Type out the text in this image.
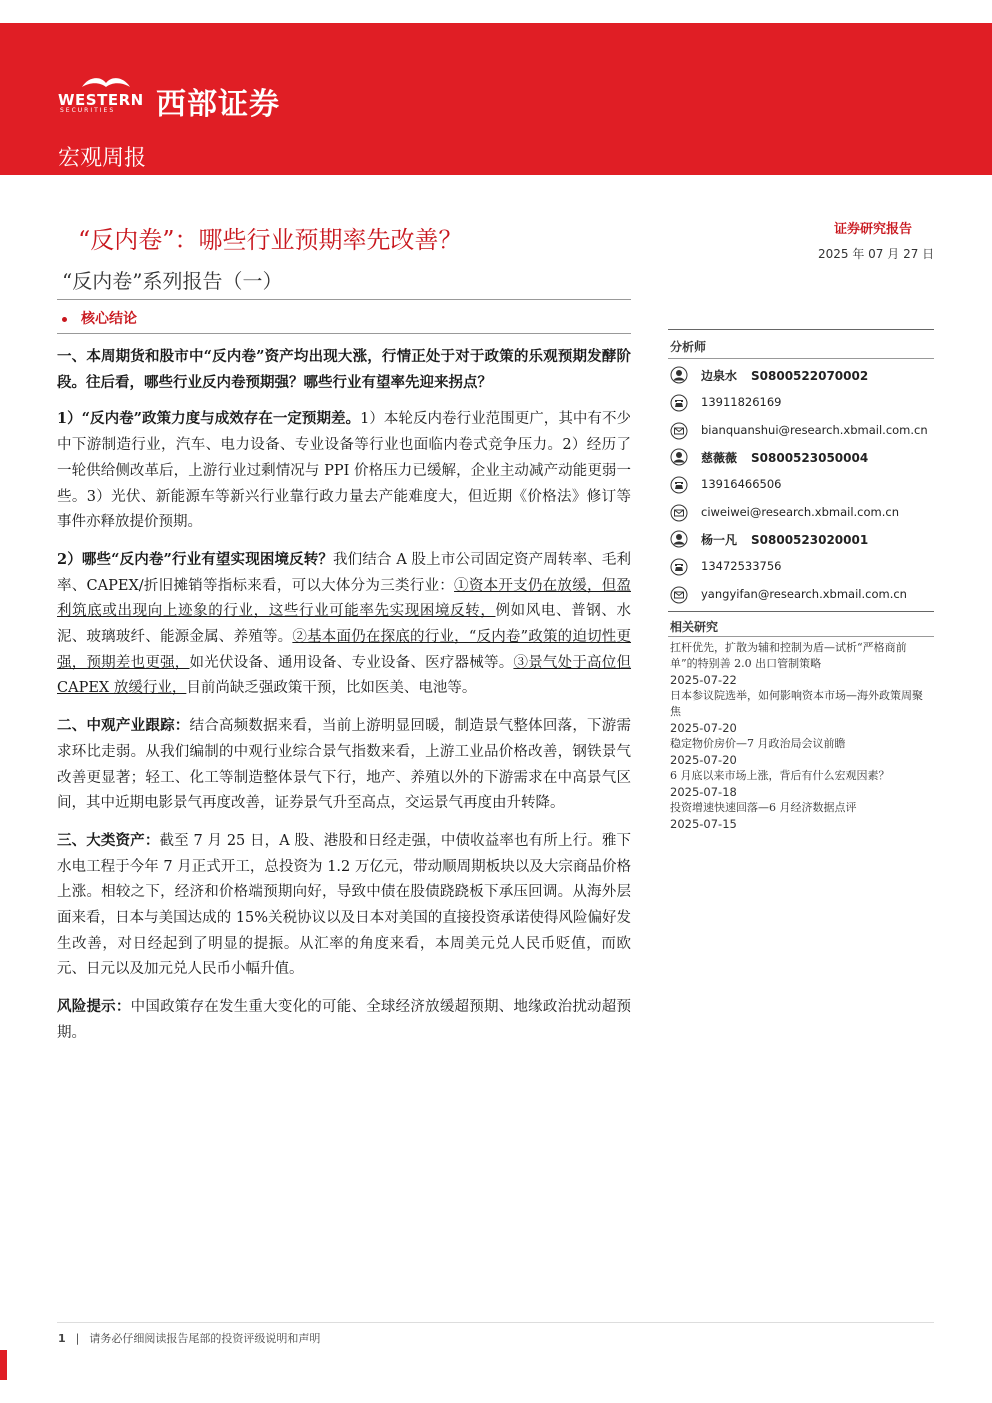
WESTERN
SECURITIES 西部证券
宏观周报
“反内卷”：哪些行业预期率先改善？
“反内卷”系列报告（一）
核心结论

一、本周期货和股市中“反内卷”资产均出现大涨，行情正处于对于政策的乐观预期发酵阶段。往后看，哪些行业反内卷预期强？哪些行业有望率先迎来拐点？

1）“反内卷”政策力度与成效存在一定预期差。1）本轮反内卷行业范围更广，其中有不少中下游制造行业，汽车、电力设备、专业设备等行业也面临内卷式竞争压力。2）经历了一轮供给侧改革后，上游行业过剩情况与 PPI 价格压力已缓解，企业主动减产动能更弱一些。3）光伏、新能源车等新兴行业靠行政力量去产能难度大，但近期《价格法》修订等事件亦释放提价预期。

2）哪些“反内卷”行业有望实现困境反转？我们结合 A 股上市公司固定资产周转率、毛利率、CAPEX/折旧摊销等指标来看，可以大体分为三类行业：①资本开支仍在放缓，但盈利筑底或出现向上迹象的行业，这些行业可能率先实现困境反转，例如风电、普钢、水泥、玻璃玻纤、能源金属、养殖等。②基本面仍在探底的行业，“反内卷”政策的迫切性更强，预期差也更强，如光伏设备、通用设备、专业设备、医疗器械等。③景气处于高位但 CAPEX 放缓行业，目前尚缺乏强政策干预，比如医美、电池等。

二、中观产业跟踪：结合高频数据来看，当前上游明显回暖，制造景气整体回落，下游需求环比走弱。从我们编制的中观行业综合景气指数来看，上游工业品价格改善，钢铁景气改善更显著；轻工、化工等制造整体景气下行，地产、养殖以外的下游需求在中高景气区间，其中近期电影景气再度改善，证券景气升至高点，交运景气再度由升转降。

三、大类资产：截至 7 月 25 日，A 股、港股和日经走强，中债收益率也有所上行。雅下水电工程于今年 7 月正式开工，总投资为 1.2 万亿元，带动顺周期板块以及大宗商品价格上涨。相较之下，经济和价格端预期向好，导致中债在股债跷跷板下承压回调。从海外层面来看，日本与美国达成的 15%关税协议以及日本对美国的直接投资承诺使得风险偏好发生改善，对日经起到了明显的提振。从汇率的角度来看，本周美元兑人民币贬值，而欧元、日元以及加元兑人民币小幅升值。

风险提示：中国政策存在发生重大变化的可能、全球经济放缓超预期、地缘政治扰动超预期。

证券研究报告
2025 年 07 月 27 日
分析师
边泉水 S0800522070002
13911826169
bianquanshui@research.xbmail.com.cn
慈薇薇 S0800523050004
13916466506
ciweiwei@research.xbmail.com.cn
杨一凡 S0800523020001
13472533756
yangyifan@research.xbmail.com.cn
相关研究
扛杆优先，扩散为辅和控制为盾—试析“严格商前单”的特别善 2.0 出口管制策略
2025-07-22
日本参议院选举，如何影响资本市场—海外政策周聚焦
2025-07-20
稳定物价房价—7 月政治局会议前瞻
2025-07-20
6 月底以来市场上涨，背后有什么宏观因素？
2025-07-18
投资增速快速回落—6 月经济数据点评
2025-07-15
1 | 请务必仔细阅读报告尾部的投资评级说明和声明
